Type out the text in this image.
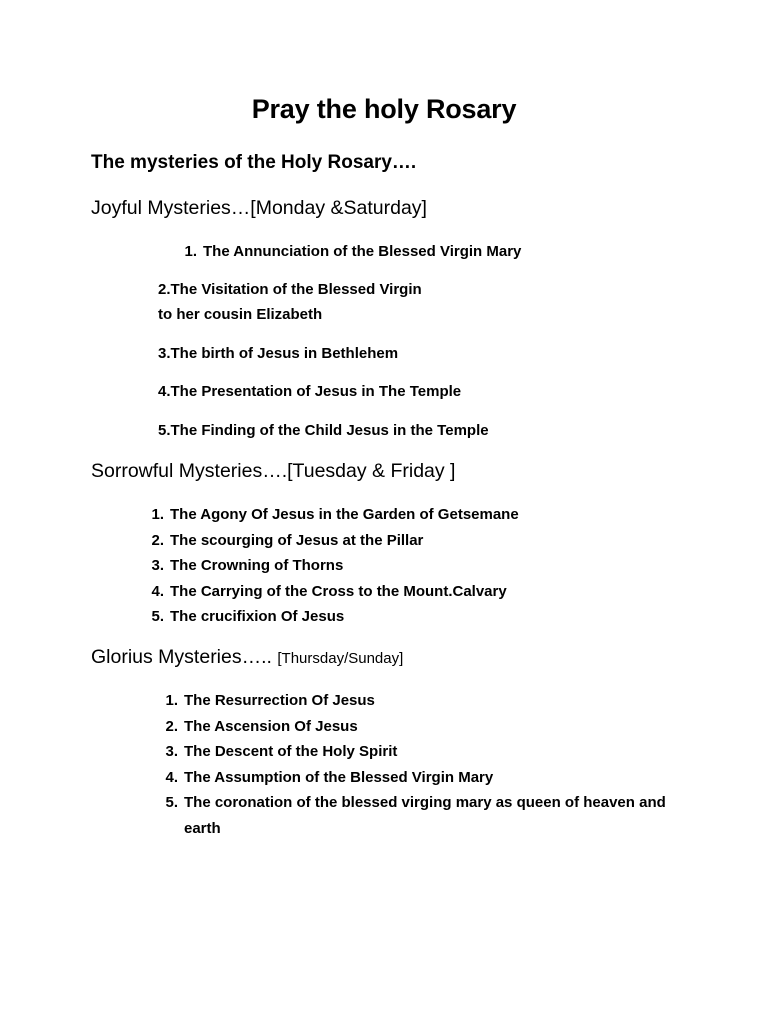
Pray the holy Rosary
The mysteries of the Holy Rosary….
Joyful Mysteries…[Monday &Saturday]
1. The Annunciation of the Blessed Virgin Mary
2.The Visitation of the Blessed Virgin
to her cousin Elizabeth
3.The birth of Jesus in Bethlehem
4.The Presentation of Jesus in The Temple
5.The Finding of the Child Jesus in the Temple
Sorrowful Mysteries….[Tuesday & Friday ]
1. The Agony Of Jesus in the Garden of Getsemane
2. The scourging of Jesus at the Pillar
3. The Crowning of Thorns
4. The Carrying of the Cross to the Mount.Calvary
5. The crucifixion Of Jesus
Glorius Mysteries….. [Thursday/Sunday]
1. The Resurrection Of Jesus
2. The Ascension Of Jesus
3. The Descent of the Holy Spirit
4. The Assumption of the Blessed Virgin Mary
5. The coronation of the blessed virging mary as queen of heaven and earth
